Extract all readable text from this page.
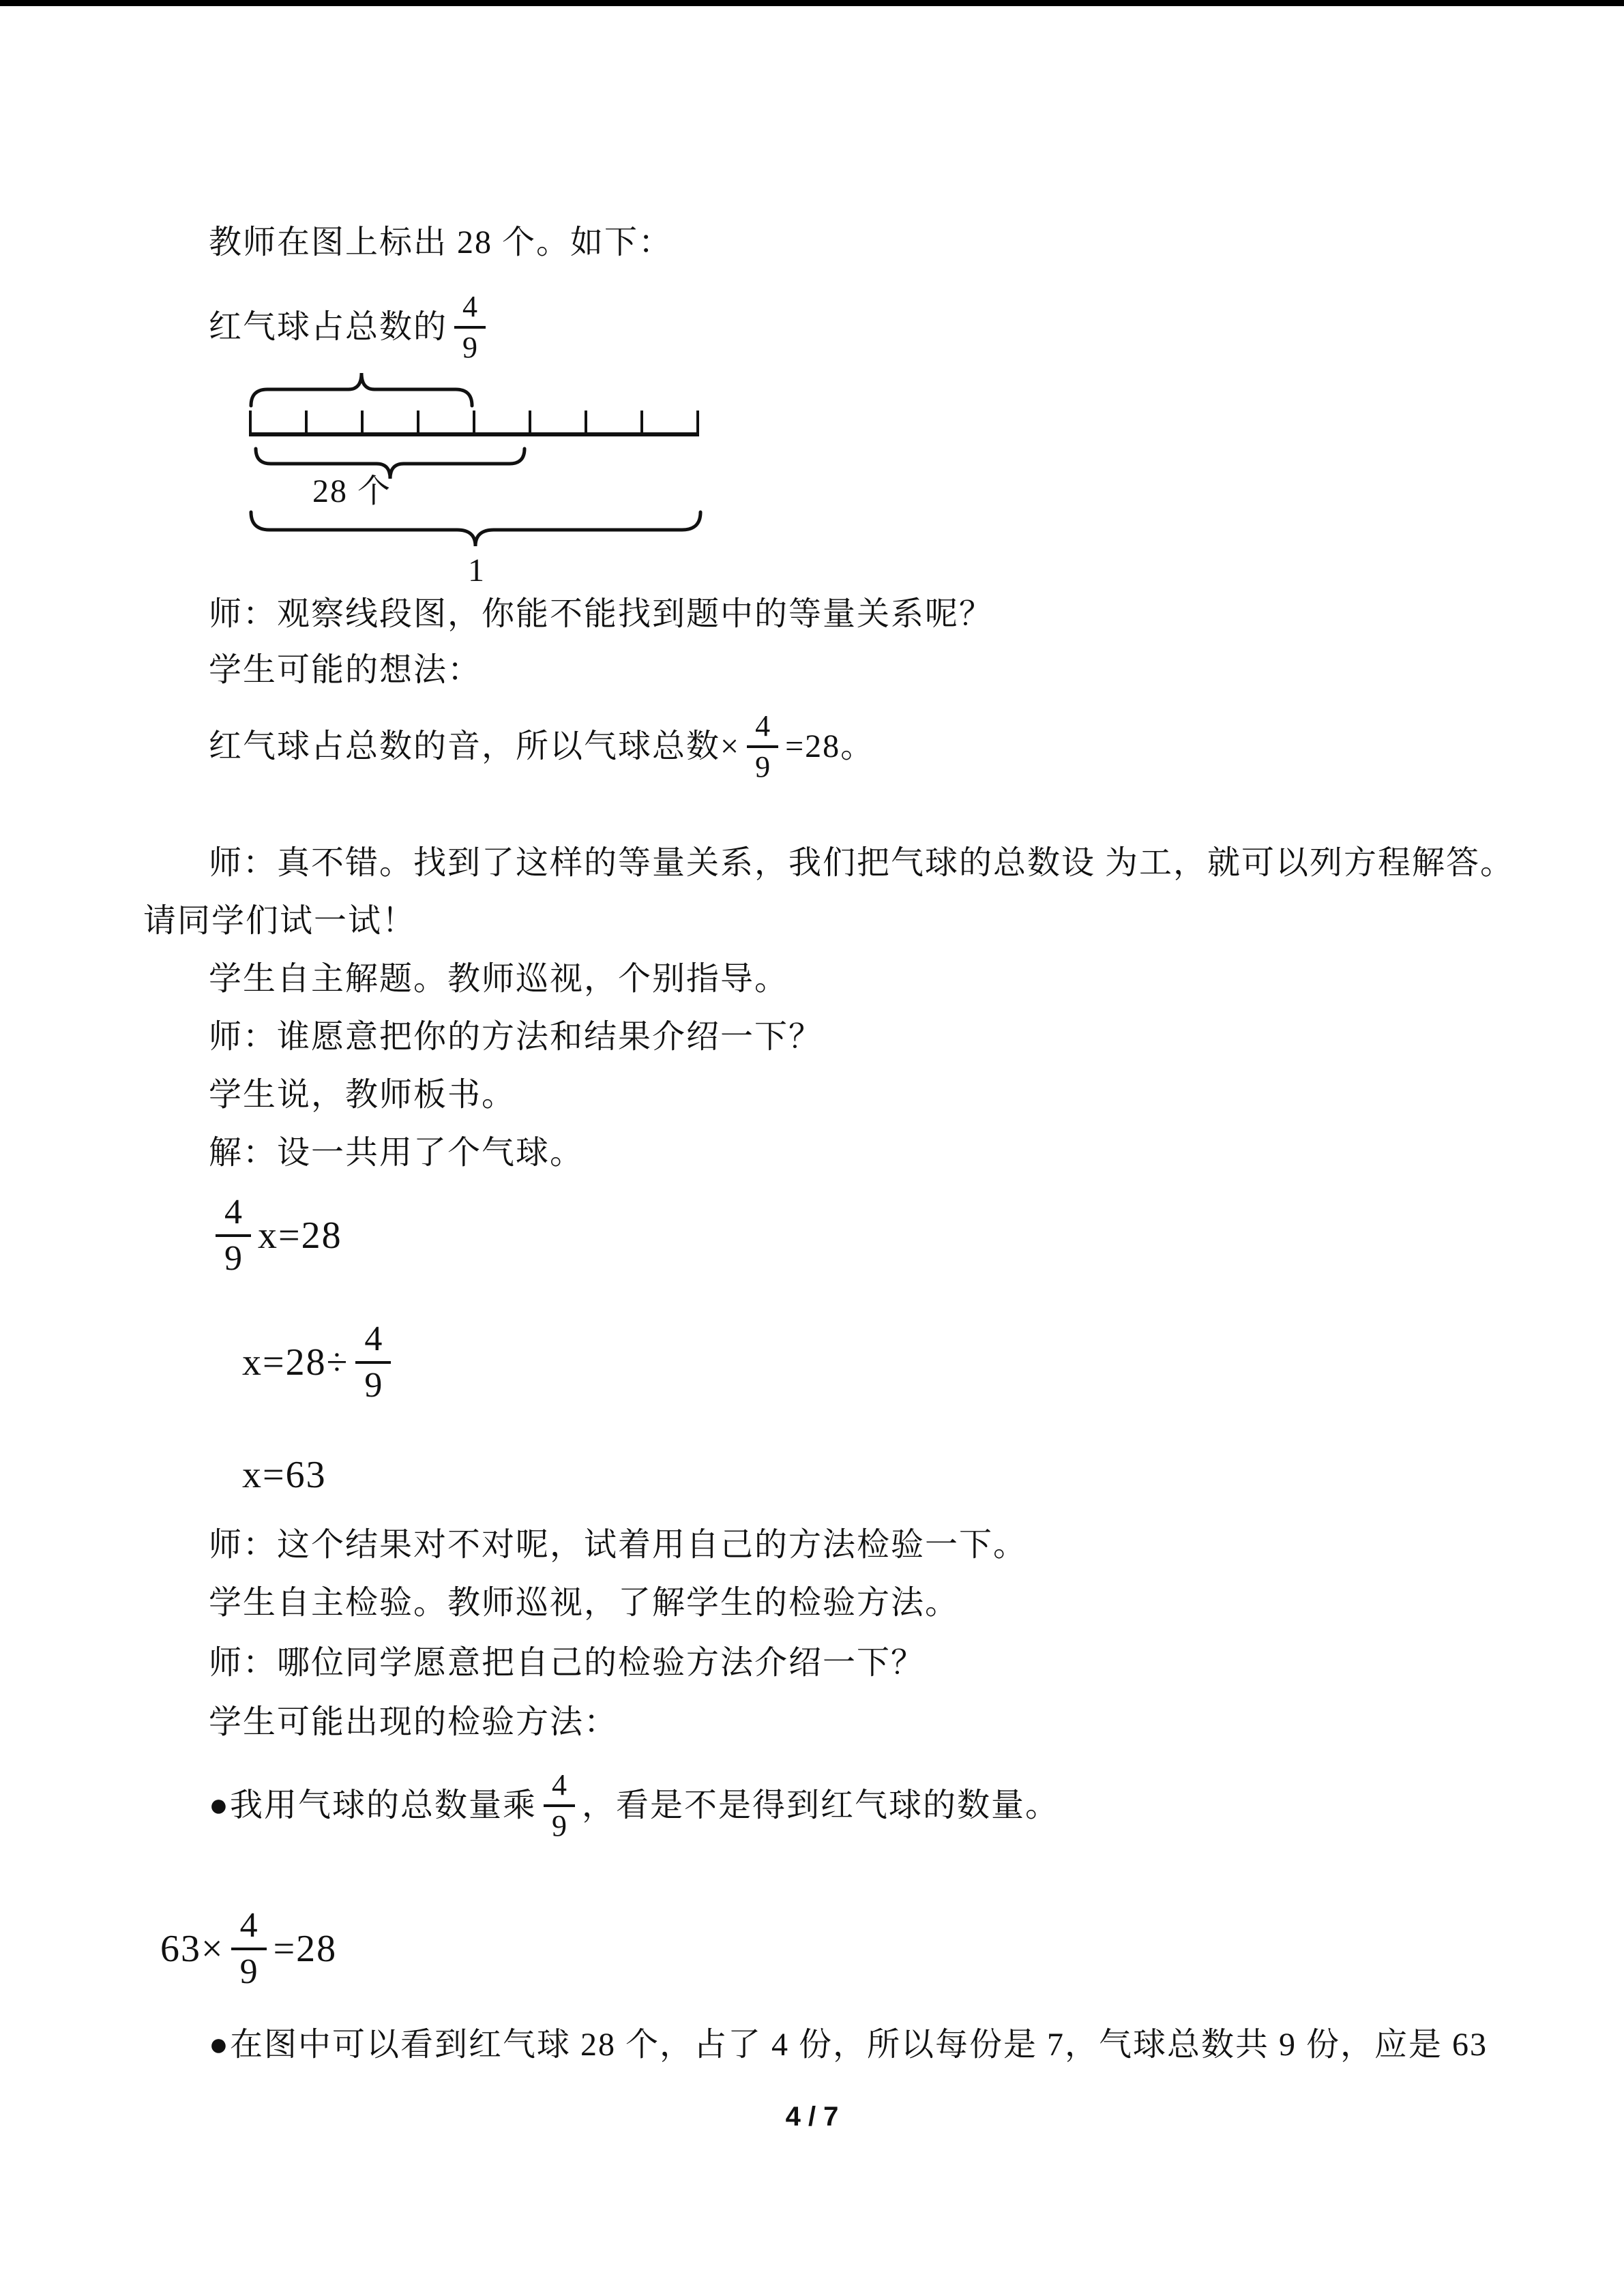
教师在图上标出 28 个。如下：
红气球占总数的 $\frac{4}{9}$
28 个
1
师：观察线段图，你能不能找到题中的等量关系呢？
学生可能的想法：
红气球占总数的音，所以气球总数× $\frac{4}{9} =28$。
师：真不错。找到了这样的等量关系，我们把气球的总数设 为工，就可以列方程解答。
请同学们试一试！
学生自主解题。教师巡视，个别指导。
师：谁愿意把你的方法和结果介绍一下？
学生说，教师板书。
解：设一共用了个气球。
$\frac{4}{9} x=28$
$x=28\div \frac{4}{9}$
x=63
师：这个结果对不对呢，试着用自己的方法检验一下。
学生自主检验。教师巡视，了解学生的检验方法。
师：哪位同学愿意把自己的检验方法介绍一下？
学生可能出现的检验方法：
●我用气球的总数量乘 $\frac{4}{9}$ ，看是不是得到红气球的数量。
$63\times \frac{4}{9} =28$
●在图中可以看到红气球 28 个，占了 4 份，所以每份是 7，气球总数共 9 份，应是 63
4 / 7
